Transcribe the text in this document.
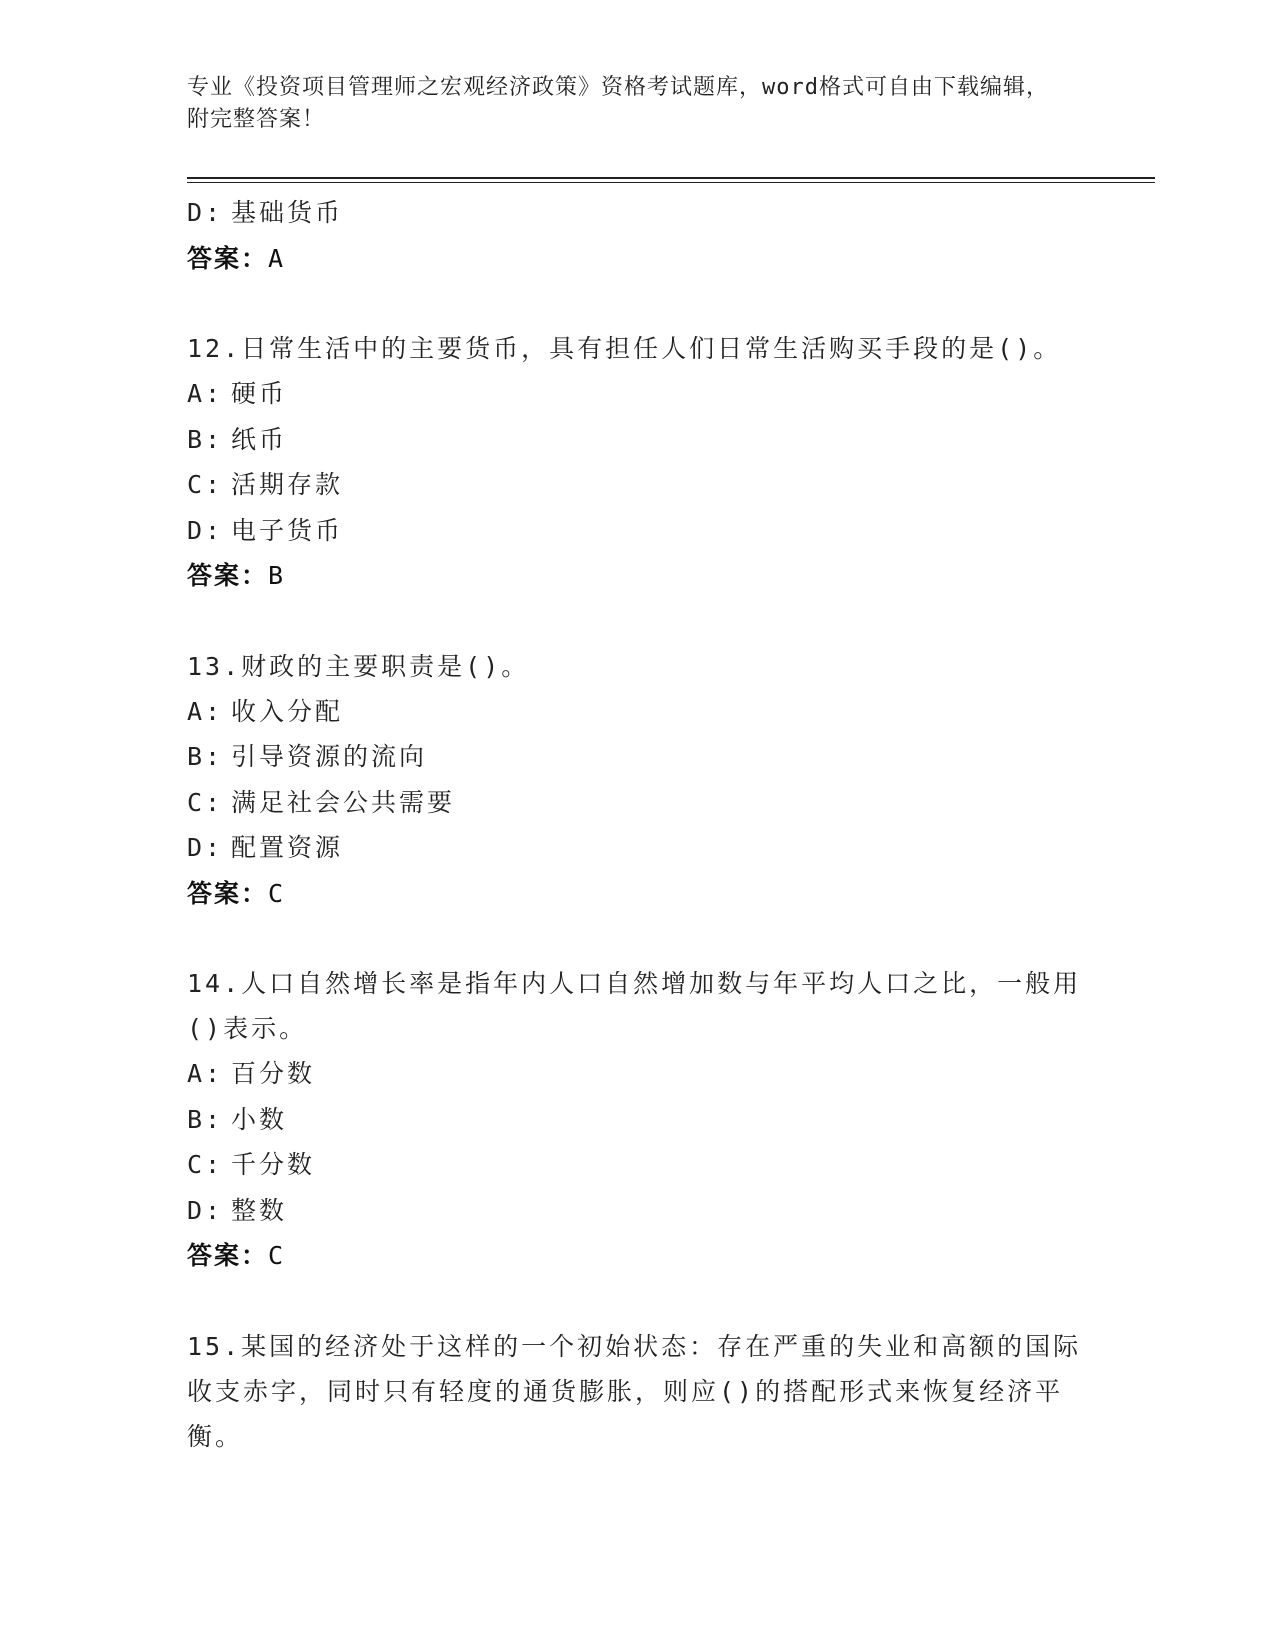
专业《投资项目管理师之宏观经济政策》资格考试题库，word格式可自由下载编辑，附完整答案！
D: 基础货币
答案：A
12.日常生活中的主要货币，具有担任人们日常生活购买手段的是()。
A: 硬币
B: 纸币
C: 活期存款
D: 电子货币
答案：B
13.财政的主要职责是()。
A: 收入分配
B: 引导资源的流向
C: 满足社会公共需要
D: 配置资源
答案：C
14.人口自然增长率是指年内人口自然增加数与年平均人口之比，一般用()表示。
A: 百分数
B: 小数
C: 千分数
D: 整数
答案：C
15.某国的经济处于这样的一个初始状态：存在严重的失业和高额的国际收支赤字，同时只有轻度的通货膨胀，则应()的搭配形式来恢复经济平衡。
